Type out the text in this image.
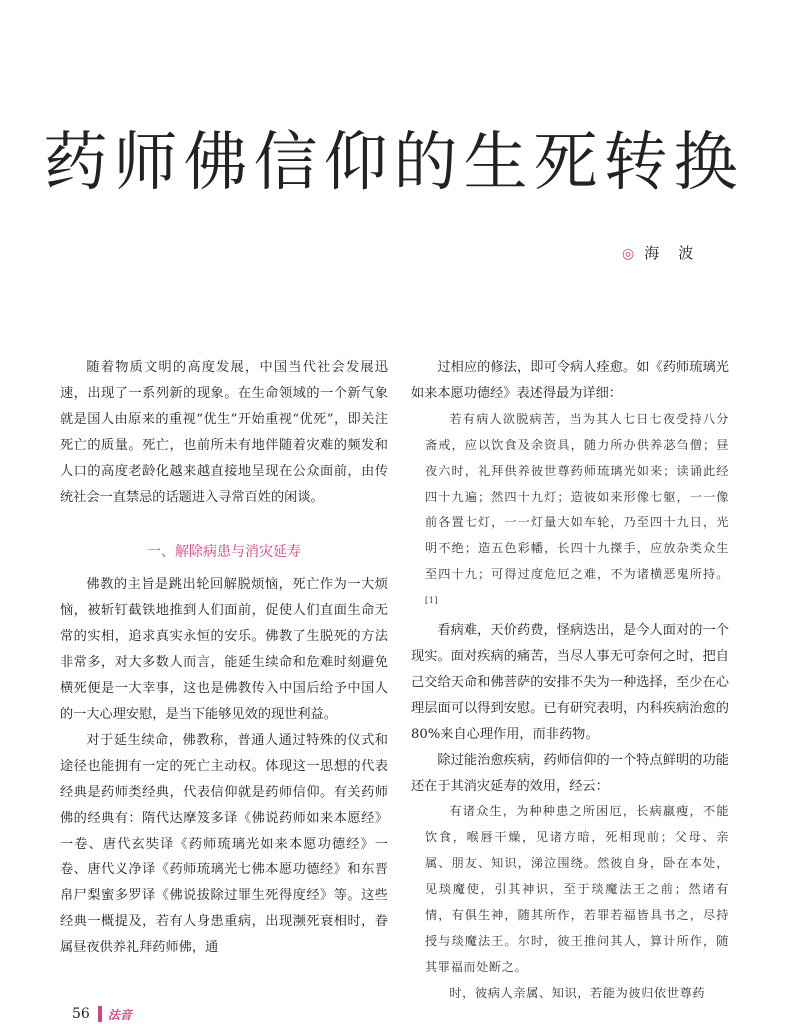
药师佛信仰的生死转换
◎ 海　波

随着物质文明的高度发展，中国当代社会发展迅速，出现了一系列新的现象。在生命领域的一个新气象就是国人由原来的重视“优生”开始重视“优死”，即关注死亡的质量。死亡，也前所未有地伴随着灾难的频发和人口的高度老龄化越来越直接地呈现在公众面前，由传统社会一直禁忌的话题进入寻常百姓的闲谈。

一、解除病患与消灾延寿

佛教的主旨是跳出轮回解脱烦恼，死亡作为一大烦恼，被斩钉截铁地推到人们面前，促使人们直面生命无常的实相，追求真实永恒的安乐。佛教了生脱死的方法非常多，对大多数人而言，能延生续命和危难时刻避免横死便是一大幸事，这也是佛教传入中国后给予中国人的一大心理安慰，是当下能够见效的现世利益。

对于延生续命，佛教称，普通人通过特殊的仪式和途径也能拥有一定的死亡主动权。体现这一思想的代表经典是药师类经典，代表信仰就是药师信仰。有关药师佛的经典有：隋代达摩笈多译《佛说药师如来本愿经》一卷、唐代玄奘译《药师琉璃光如来本愿功德经》一卷、唐代义净译《药师琉璃光七佛本愿功德经》和东晋帛尸梨蜜多罗译《佛说拔除过罪生死得度经》等。这些经典一概提及，若有人身患重病，出现濒死衰相时，眷属昼夜供养礼拜药师佛，通

过相应的修法，即可令病人痊愈。如《药师琉璃光如来本愿功德经》表述得最为详细：

若有病人欲脱病苦，当为其人七日七夜受持八分斋戒，应以饮食及余资具，随力所办供养苾刍僧；昼夜六时，礼拜供养彼世尊药师琉璃光如来；读诵此经四十九遍；然四十九灯；造彼如来形像七躯，一一像前各置七灯，一一灯量大如车轮，乃至四十九日，光明不绝；造五色彩幡，长四十九搩手，应放杂类众生至四十九；可得过度危厄之难，不为诸横恶鬼所持。[1]

看病难，天价药费，怪病迭出，是今人面对的一个现实。面对疾病的痛苦，当尽人事无可奈何之时，把自己交给天命和佛菩萨的安排不失为一种选择，至少在心理层面可以得到安慰。已有研究表明，内科疾病治愈的80%来自心理作用，而非药物。

除过能治愈疾病，药师信仰的一个特点鲜明的功能还在于其消灾延寿的效用，经云：

有诸众生，为种种患之所困厄，长病羸瘦，不能饮食，喉唇干燥，见诸方暗，死相现前；父母、亲属、朋友、知识，涕泣围绕。然彼自身，卧在本处，见琰魔使，引其神识，至于琰魔法王之前；然诸有情，有俱生神，随其所作，若罪若福皆具书之，尽持授与琰魔法王。尔时，彼王推问其人，算计所作，随其罪福而处断之。

时，彼病人亲属、知识，若能为彼归依世尊药

56 法音
